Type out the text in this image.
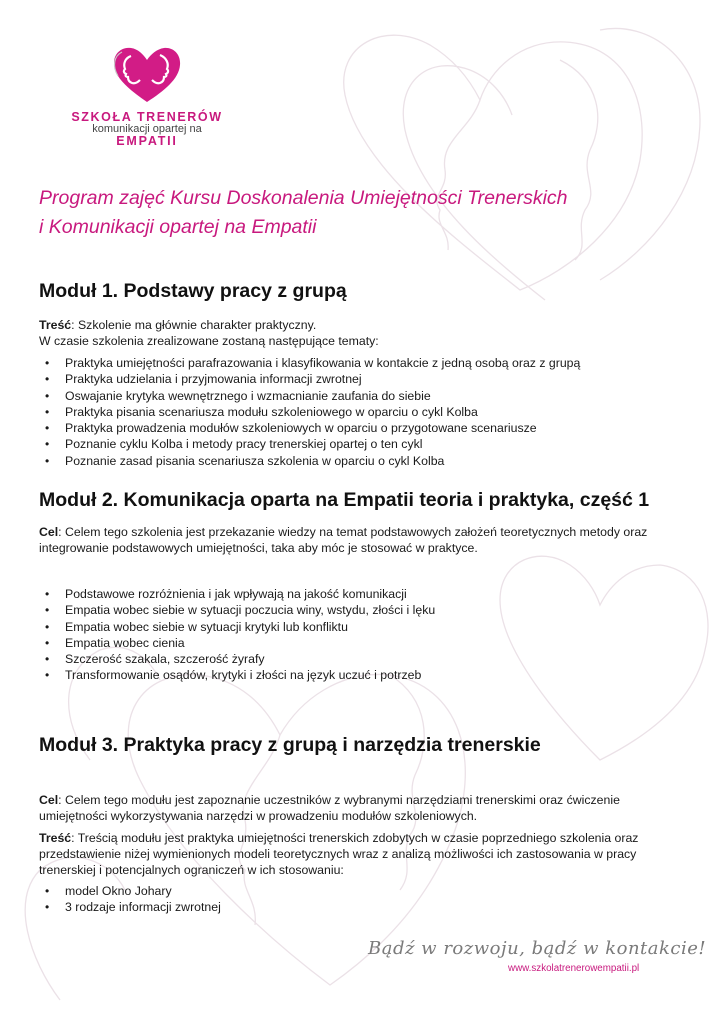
SZKOŁA TRENERÓW
komunikacji opartej na
EMPATII
Program zajęć Kursu Doskonalenia Umiejętności Trenerskich
i Komunikacji opartej na Empatii
Moduł 1. Podstawy pracy z grupą
Treść: Szkolenie ma głównie charakter praktyczny.
W czasie szkolenia zrealizowane zostaną następujące tematy:
• Praktyka umiejętności parafrazowania i klasyfikowania w kontakcie z jedną osobą oraz z grupą
• Praktyka udzielania i przyjmowania informacji zwrotnej
• Oswajanie krytyka wewnętrznego i wzmacnianie zaufania do siebie
• Praktyka pisania scenariusza modułu szkoleniowego w oparciu o cykl Kolba
• Praktyka prowadzenia modułów szkoleniowych w oparciu o przygotowane scenariusze
• Poznanie cyklu Kolba i metody pracy trenerskiej opartej o ten cykl
• Poznanie zasad pisania scenariusza szkolenia w oparciu o cykl Kolba
Moduł 2. Komunikacja oparta na Empatii teoria i praktyka, część 1
Cel: Celem tego szkolenia jest przekazanie wiedzy na temat podstawowych założeń teoretycznych metody oraz
integrowanie podstawowych umiejętności, taka aby móc je stosować w praktyce.
• Podstawowe rozróżnienia i jak wpływają na jakość komunikacji
• Empatia wobec siebie w sytuacji poczucia winy, wstydu, złości i lęku
• Empatia wobec siebie w sytuacji krytyki lub konfliktu
• Empatia wobec cienia
• Szczerość szakala, szczerość żyrafy
• Transformowanie osądów, krytyki i złości na język uczuć i potrzeb
Moduł 3. Praktyka pracy z grupą i narzędzia trenerskie
Cel: Celem tego modułu jest zapoznanie uczestników z wybranymi narzędziami trenerskimi oraz ćwiczenie
umiejętności wykorzystywania narzędzi w prowadzeniu modułów szkoleniowych.
Treść: Treścią modułu jest praktyka umiejętności trenerskich zdobytych w czasie poprzedniego szkolenia oraz
przedstawienie niżej wymienionych modeli teoretycznych wraz z analizą możliwości ich zastosowania w pracy
trenerskiej i potencjalnych ograniczeń w ich stosowaniu:
• model Okno Johary
• 3 rodzaje informacji zwrotnej
Bądź w rozwoju, bądź w kontakcie!
www.szkolatrenerowempatii.pl
